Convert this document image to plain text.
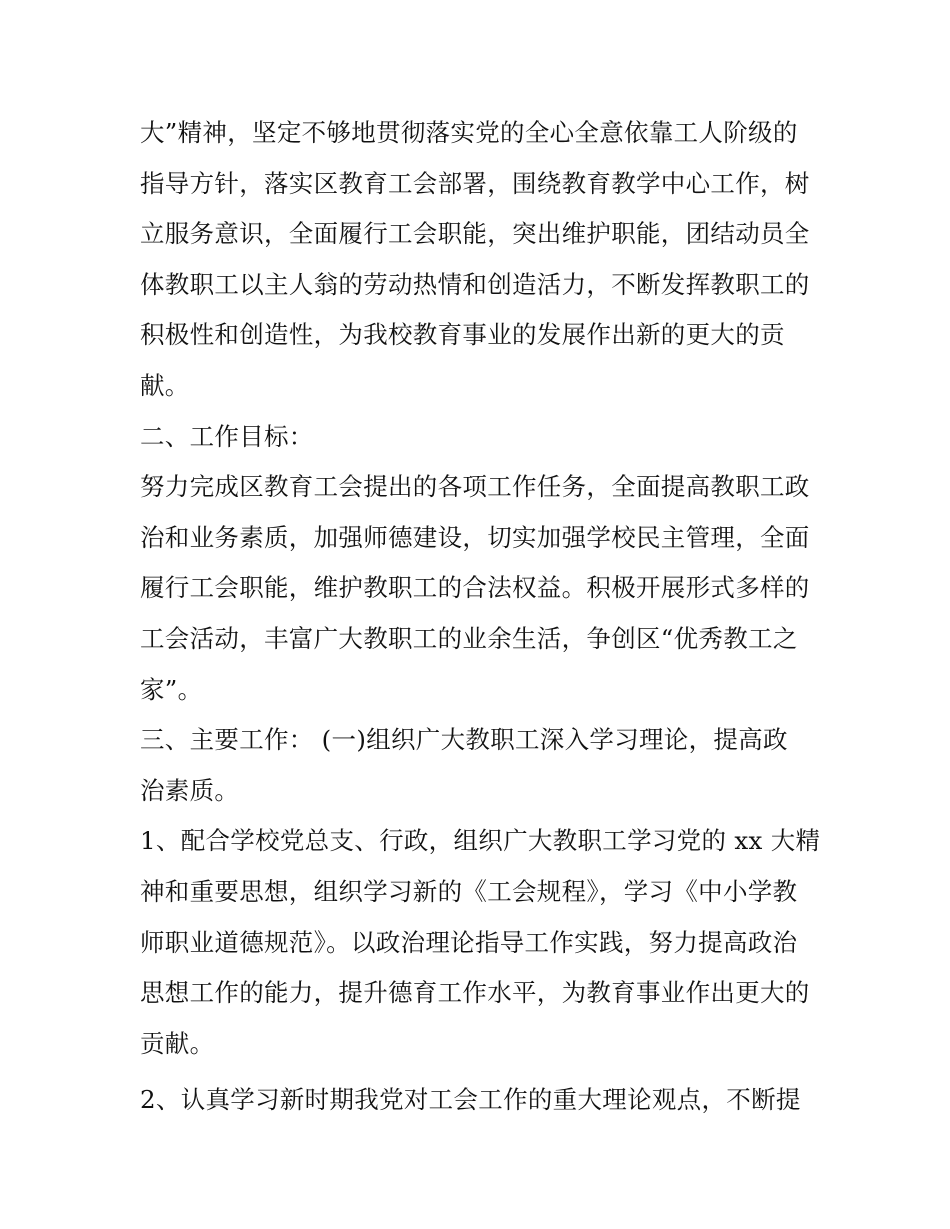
大”精神，坚定不够地贯彻落实党的全心全意依靠工人阶级的
指导方针，落实区教育工会部署，围绕教育教学中心工作，树
立服务意识，全面履行工会职能，突出维护职能，团结动员全
体教职工以主人翁的劳动热情和创造活力，不断发挥教职工的
积极性和创造性，为我校教育事业的发展作出新的更大的贡
献。
二、工作目标：
努力完成区教育工会提出的各项工作任务，全面提高教职工政
治和业务素质，加强师德建设，切实加强学校民主管理，全面
履行工会职能，维护教职工的合法权益。积极开展形式多样的
工会活动，丰富广大教职工的业余生活，争创区“优秀教工之
家”。
三、主要工作： (一)组织广大教职工深入学习理论，提高政
治素质。
1、配合学校党总支、行政，组织广大教职工学习党的 xx 大精
神和重要思想，组织学习新的《工会规程》，学习《中小学教
师职业道德规范》。以政治理论指导工作实践，努力提高政治
思想工作的能力，提升德育工作水平，为教育事业作出更大的
贡献。
2、认真学习新时期我党对工会工作的重大理论观点，不断提
